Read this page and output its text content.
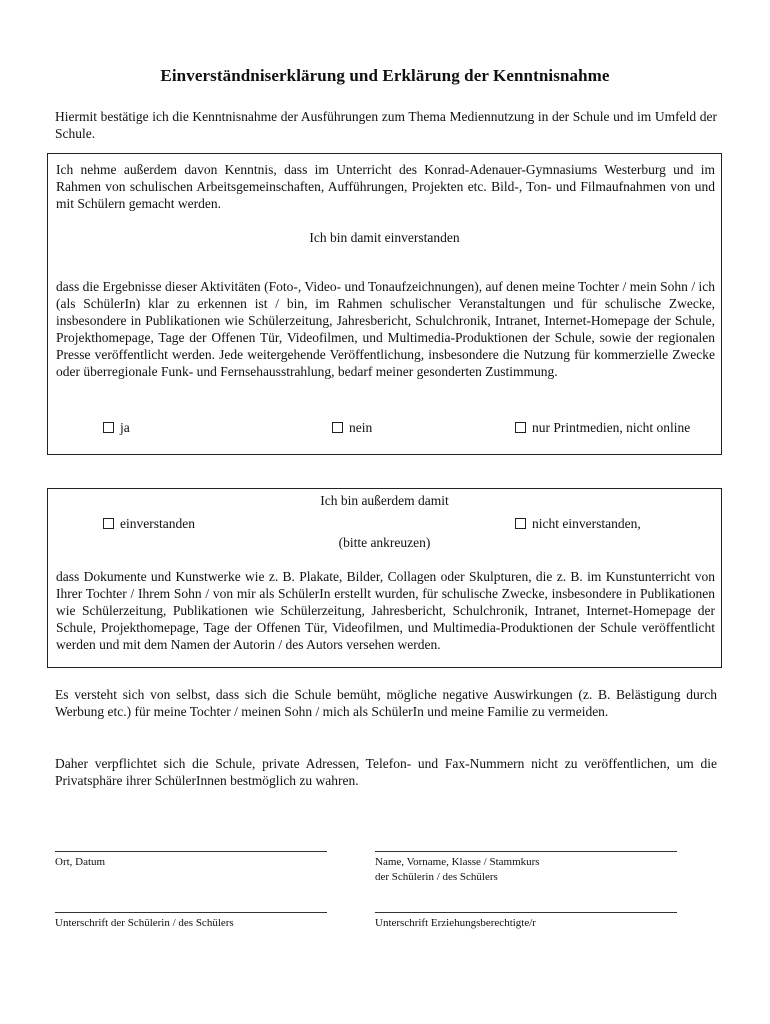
Einverständniserklärung und Erklärung der Kenntnisnahme

Hiermit bestätige ich die Kenntnisnahme der Ausführungen zum Thema Mediennutzung in der Schule und im Umfeld der Schule.

Ich nehme außerdem davon Kenntnis, dass im Unterricht des Konrad-Adenauer-Gymnasiums Westerburg und im Rahmen von schulischen Arbeitsgemeinschaften, Aufführungen, Projekten etc. Bild-, Ton- und Filmaufnahmen von und mit Schülern gemacht werden.
Ich bin damit einverstanden
dass die Ergebnisse dieser Aktivitäten (Foto-, Video- und Tonaufzeichnungen), auf denen meine Tochter / mein Sohn / ich (als SchülerIn) klar zu erkennen ist / bin, im Rahmen schulischer Veranstaltungen und für schulische Zwecke, insbesondere in Publikationen wie Schülerzeitung, Jahresbericht, Schulchronik, Intranet, Internet-Homepage der Schule, Projekthomepage, Tage der Offenen Tür, Videofilmen, und Multimedia-Produktionen der Schule, sowie der regionalen Presse veröffentlicht werden. Jede weitergehende Veröffentlichung, insbesondere die Nutzung für kommerzielle Zwecke oder überregionale Funk- und Fernsehausstrahlung, bedarf meiner gesonderten Zustimmung.
ja	nein	nur Printmedien, nicht online
Ich bin außerdem damit
einverstanden	nicht einverstanden,
(bitte ankreuzen)
dass Dokumente und Kunstwerke wie z. B. Plakate, Bilder, Collagen oder Skulpturen, die z. B. im Kunstunterricht von Ihrer Tochter / Ihrem Sohn / von mir als SchülerIn erstellt wurden, für schulische Zwecke, insbesondere in Publikationen wie Schülerzeitung, Publikationen wie Schülerzeitung, Jahresbericht, Schulchronik, Intranet, Internet-Homepage der Schule, Projekthomepage, Tage der Offenen Tür, Videofilmen, und Multimedia-Produktionen der Schule veröffentlicht werden und mit dem Namen der Autorin / des Autors versehen werden.

Es versteht sich von selbst, dass sich die Schule bemüht, mögliche negative Auswirkungen (z. B. Belästigung durch Werbung etc.) für meine Tochter / meinen Sohn / mich als SchülerIn und meine Familie zu vermeiden.

Daher verpflichtet sich die Schule, private Adressen, Telefon- und Fax-Nummern nicht zu veröffentlichen, um die Privatsphäre ihrer SchülerInnen bestmöglich zu wahren.

Ort, Datum	Name, Vorname, Klasse / Stammkurs
der Schülerin / des Schülers
Unterschrift der Schülerin / des Schülers	Unterschrift Erziehungsberechtigte/r
